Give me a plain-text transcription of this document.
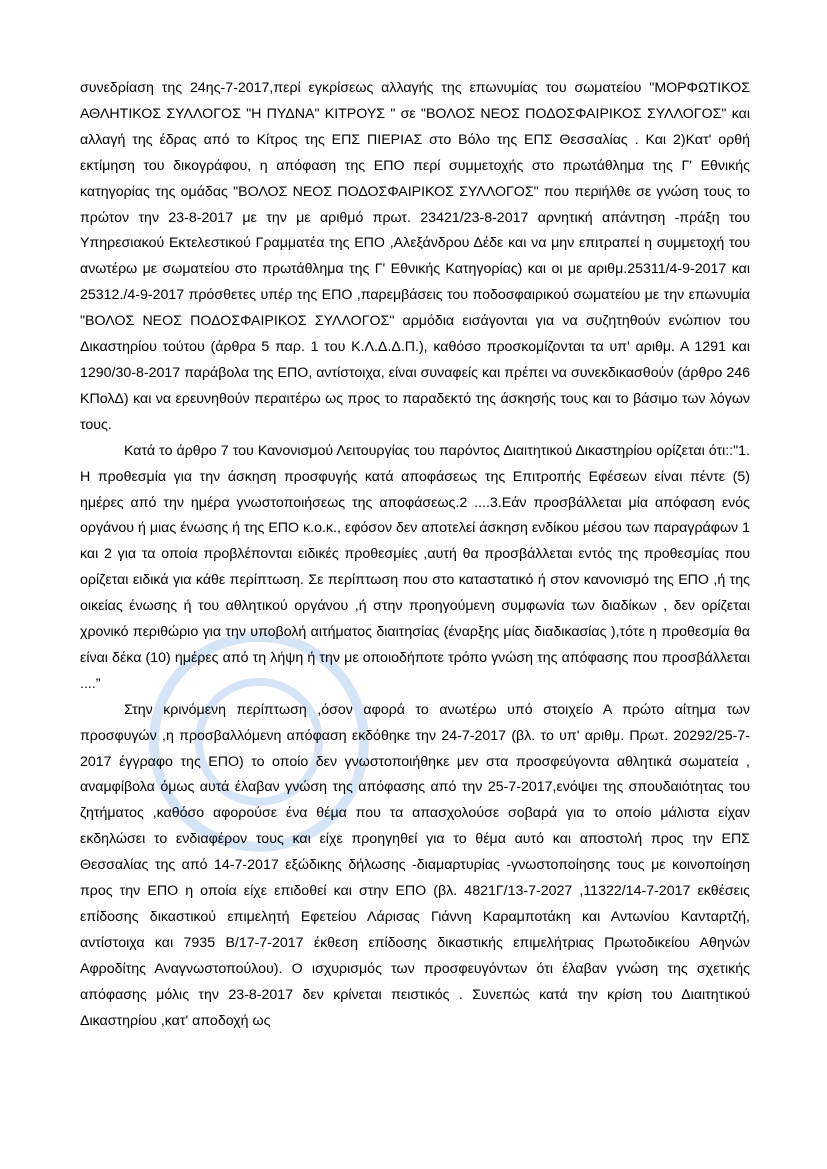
συνεδρίαση της 24ης-7-2017,περί εγκρίσεως αλλαγής της επωνυμίας του σωματείου "ΜΟΡΦΩΤΙΚΟΣ ΑΘΛΗΤΙΚΟΣ ΣΥΛΛΟΓΟΣ "Η ΠΥΔΝΑ" ΚΙΤΡΟΥΣ " σε "ΒΟΛΟΣ ΝΕΟΣ ΠΟΔΟΣΦΑΙΡΙΚΟΣ ΣΥΛΛΟΓΟΣ" και αλλαγή της έδρας από το Κίτρος της ΕΠΣ ΠΙΕΡΙΑΣ στο Βόλο της ΕΠΣ Θεσσαλίας . Και 2)Κατ' ορθή εκτίμηση του δικογράφου, η απόφαση της ΕΠΟ περί συμμετοχής στο πρωτάθλημα της Γ' Εθνικής κατηγορίας της ομάδας "ΒΟΛΟΣ ΝΕΟΣ ΠΟΔΟΣΦΑΙΡΙΚΟΣ ΣΥΛΛΟΓΟΣ" που περιήλθε σε γνώση τους το πρώτον την 23-8-2017 με την με αριθμό πρωτ. 23421/23-8-2017 αρνητική απάντηση -πράξη του Υπηρεσιακού Εκτελεστικού Γραμματέα της ΕΠΟ ,Αλεξάνδρου Δέδε και να μην επιτραπεί η συμμετοχή του ανωτέρω με σωματείου στο πρωτάθλημα της Γ' Εθνικής Κατηγορίας) και οι με αριθμ.25311/4-9-2017 και 25312./4-9-2017 πρόσθετες υπέρ της ΕΠΟ ,παρεμβάσεις του ποδοσφαιρικού σωματείου με την επωνυμία "ΒΟΛΟΣ ΝΕΟΣ ΠΟΔΟΣΦΑΙΡΙΚΟΣ ΣΥΛΛΟΓΟΣ" αρμόδια εισάγονται για να συζητηθούν ενώπιον του Δικαστηρίου τούτου (άρθρα 5 παρ. 1 του Κ.Λ.Δ.Δ.Π.), καθόσο προσκομίζονται τα υπ' αριθμ. Α 1291 και 1290/30-8-2017 παράβολα της ΕΠΟ, αντίστοιχα, είναι συναφείς και πρέπει να συνεκδικασθούν (άρθρο 246 ΚΠολΔ) και να ερευνηθούν περαιτέρω ως προς το παραδεκτό της άσκησής τους και το βάσιμο των λόγων τους.

Κατά το άρθρο 7 του Κανονισμού Λειτουργίας του παρόντος Διαιτητικού Δικαστηρίου ορίζεται ότι::"1. Η προθεσμία για την άσκηση προσφυγής κατά αποφάσεως της Επιτροπής Εφέσεων είναι πέντε (5) ημέρες από την ημέρα γνωστοποιήσεως της αποφάσεως.2 ....3.Εάν προσβάλλεται μία απόφαση ενός οργάνου ή μιας ένωσης ή της ΕΠΟ κ.ο.κ., εφόσον δεν αποτελεί άσκηση ενδίκου μέσου των παραγράφων 1 και 2 για τα οποία προβλέπονται ειδικές προθεσμίες ,αυτή θα προσβάλλεται εντός της προθεσμίας που ορίζεται ειδικά για κάθε περίπτωση. Σε περίπτωση που στο καταστατικό ή στον κανονισμό της ΕΠΟ ,ή της οικείας ένωσης ή του αθλητικού οργάνου ,ή στην προηγούμενη συμφωνία των διαδίκων , δεν ορίζεται χρονικό περιθώριο για την υποβολή αιτήματος διαιτησίας (έναρξης μίας διαδικασίας ),τότε η προθεσμία θα είναι δέκα (10) ημέρες από τη λήψη ή την με οποιοδήποτε τρόπο γνώση της απόφασης που προσβάλλεται ....”

Στην κρινόμενη περίπτωση ,όσον αφορά το ανωτέρω υπό στοιχείο Α πρώτο αίτημα των προσφυγών ,η προσβαλλόμενη απόφαση εκδόθηκε την 24-7-2017 (βλ. το υπ' αριθμ. Πρωτ. 20292/25-7-2017 έγγραφο της ΕΠΟ) το οποίο δεν γνωστοποιήθηκε μεν στα προσφεύγοντα αθλητικά σωματεία , αναμφίβολα όμως αυτά έλαβαν γνώση της απόφασης από την 25-7-2017,ενόψει της σπουδαιότητας του ζητήματος ,καθόσο αφορούσε ένα θέμα που τα απασχολούσε σοβαρά για το οποίο μάλιστα είχαν εκδηλώσει το ενδιαφέρον τους και είχε προηγηθεί για το θέμα αυτό και αποστολή προς την ΕΠΣ Θεσσαλίας της από 14-7-2017 εξώδικης δήλωσης -διαμαρτυρίας -γνωστοποίησης τους με κοινοποίηση προς την ΕΠΟ η οποία είχε επιδοθεί και στην ΕΠΟ (βλ. 4821Γ/13-7-2027 ,11322/14-7-2017 εκθέσεις επίδοσης δικαστικού επιμελητή Εφετείου Λάρισας Γιάννη Καραμποτάκη και Αντωνίου Κανταρτζή, αντίστοιχα και 7935 Β/17-7-2017 έκθεση επίδοσης δικαστικής επιμελήτριας Πρωτοδικείου Αθηνών Αφροδίτης Αναγνωστοπούλου). Ο ισχυρισμός των προσφευγόντων ότι έλαβαν γνώση της σχετικής απόφασης μόλις την 23-8-2017 δεν κρίνεται πειστικός . Συνεπώς κατά την κρίση του Διαιτητικού Δικαστηρίου ,κατ' αποδοχή ως
